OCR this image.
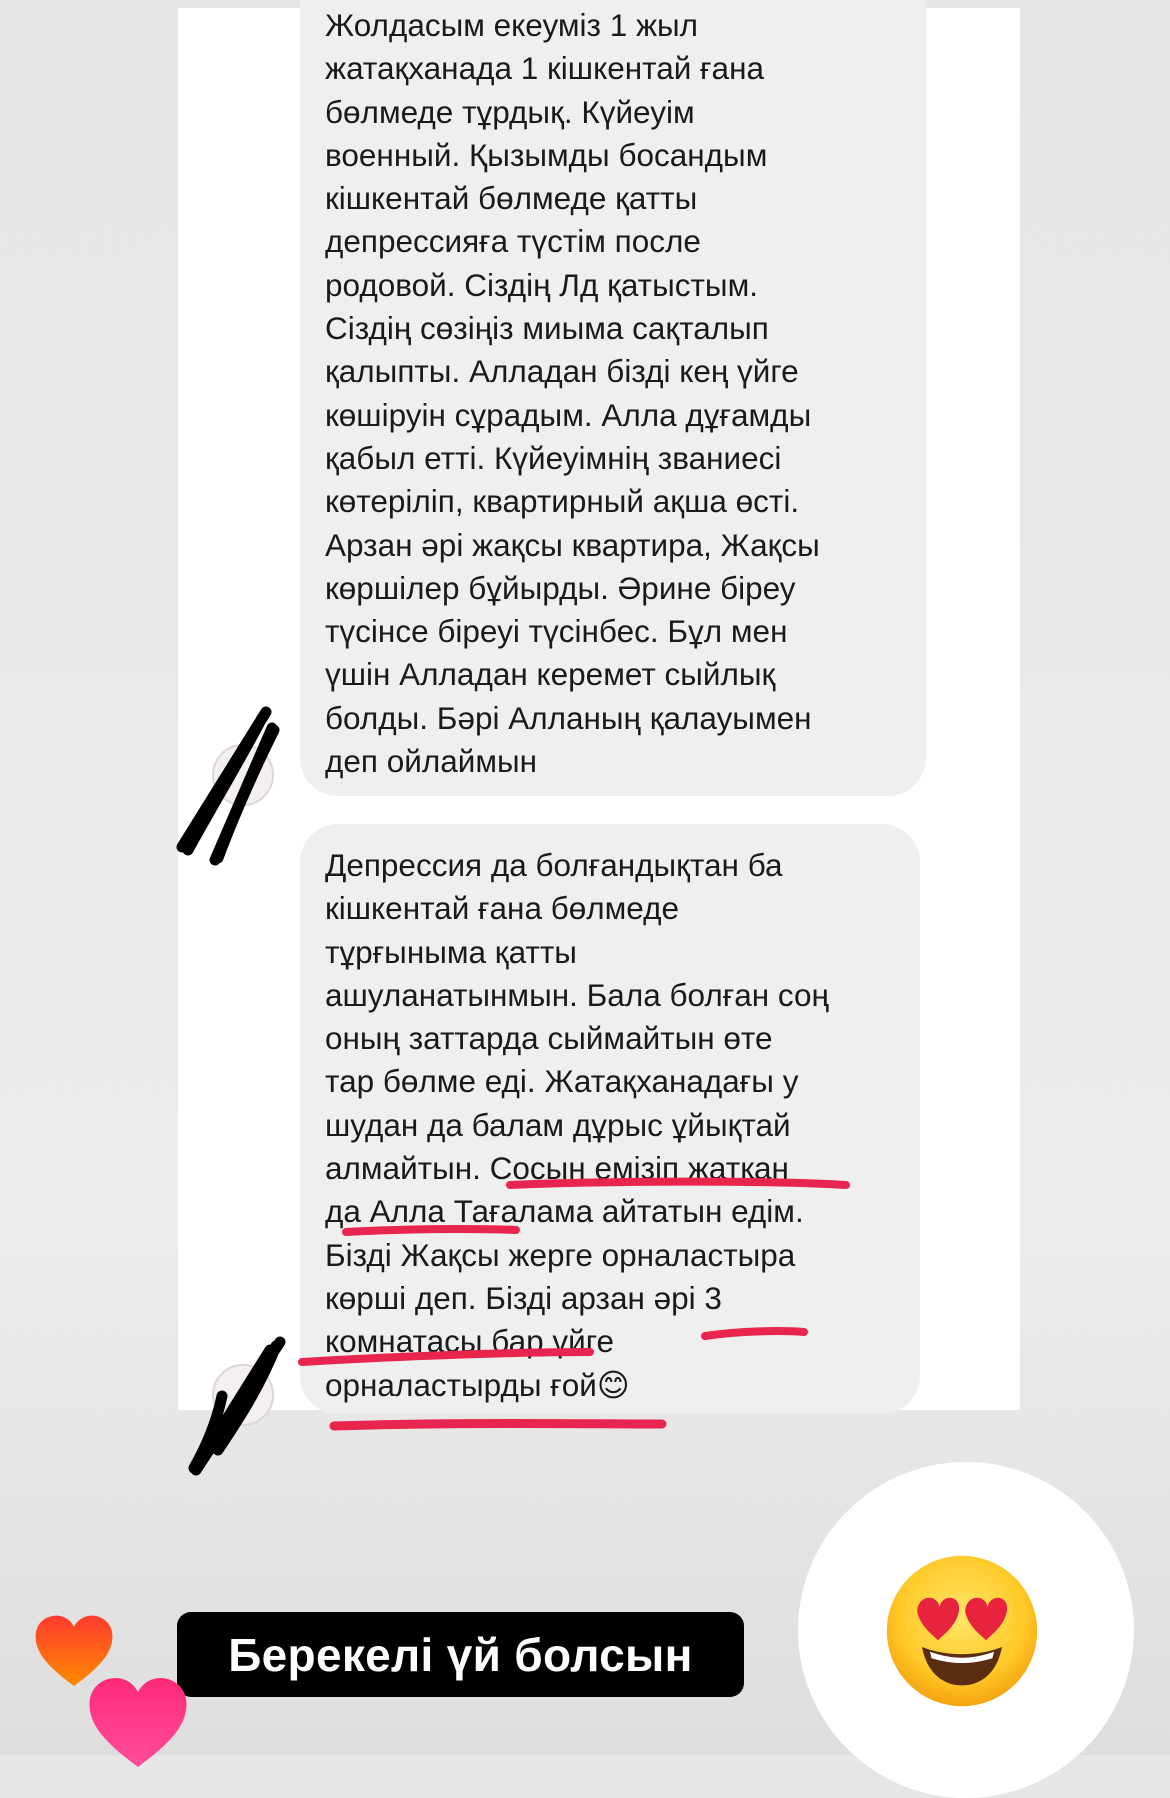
Жолдасым екеуміз 1 жыл
жатақханада 1 кішкентай ғана
бөлмеде тұрдық. Күйеуім
военный. Қызымды босандым
кішкентай бөлмеде қатты
депрессияға түстім после
родовой. Сіздің Лд қатыстым.
Сіздің сөзіңіз миыма сақталып
қалыпты. Алладан бізді кең үйге
көшіруін сұрадым. Алла дұғамды
қабыл етті. Күйеуімнің званиесі
көтеріліп, квартирный ақша өсті.
Арзан әрі жақсы квартира, Жақсы
көршілер бұйырды. Әрине біреу
түсінсе біреуі түсінбес. Бұл мен
үшін Алладан керемет сыйлық
болды. Бәрі Алланың қалауымен
деп ойлаймын
Депрессия да болғандықтан ба
кішкентай ғана бөлмеде
тұрғыныма қатты
ашуланатынмын. Бала болған соң
оның заттарда сыймайтын өте
тар бөлме еді. Жатақханадағы у
шудан да балам дұрыс ұйықтай
алмайтын. Сосын емізіп жатқан
да Алла Тағалама айтатын едім.
Бізді Жақсы жерге орналастыра
көрші деп. Бізді арзан әрі 3
комнатасы бар үйге
орналастырды ғой😊
Берекелі үй болсын
